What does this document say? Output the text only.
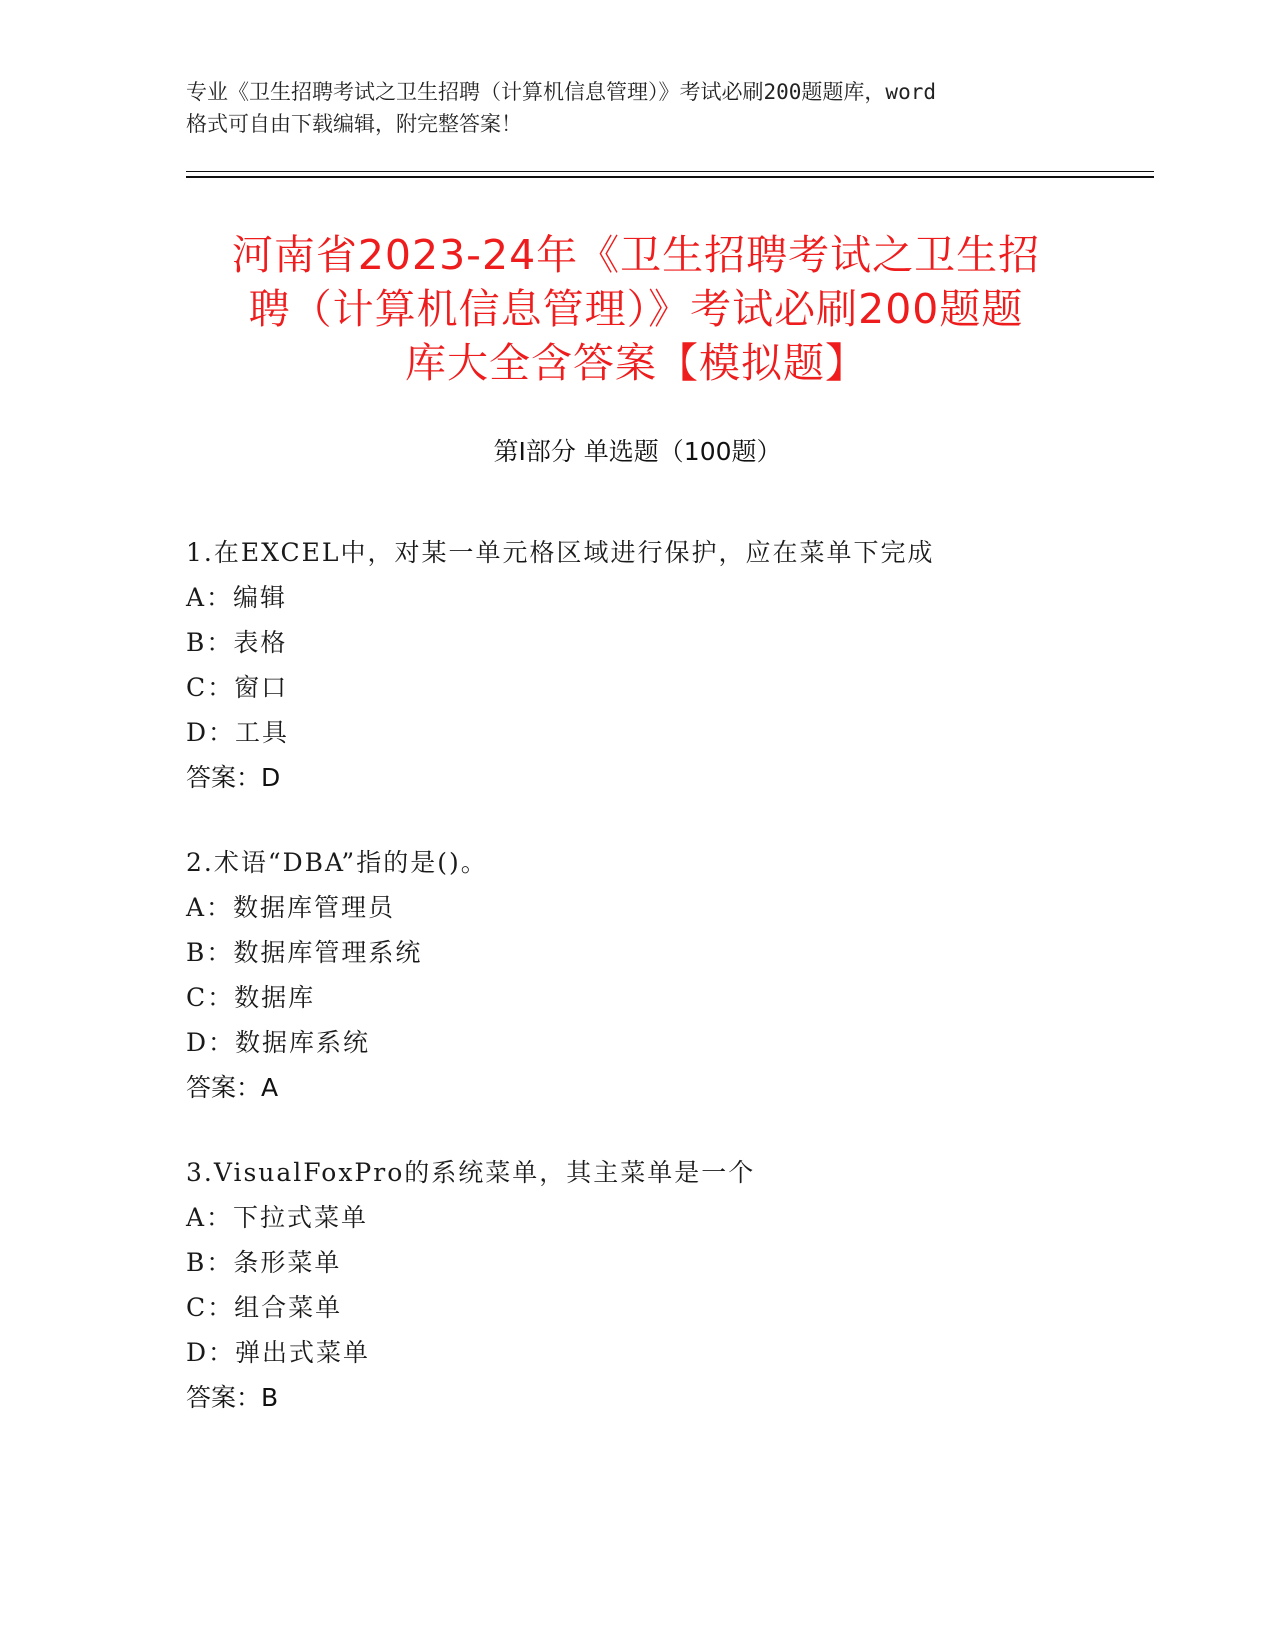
专业《卫生招聘考试之卫生招聘（计算机信息管理）》考试必刷200题题库，word
格式可自由下载编辑，附完整答案！
河南省2023-24年《卫生招聘考试之卫生招
聘（计算机信息管理）》考试必刷200题题
库大全含答案【模拟题】
第Ⅰ部分 单选题（100题）
1.在EXCEL中，对某一单元格区域进行保护，应在菜单下完成
A：编辑
B：表格
C：窗口
D：工具
答案：D
2.术语“DBA”指的是()。
A：数据库管理员
B：数据库管理系统
C：数据库
D：数据库系统
答案：A
3.VisualFoxPro的系统菜单，其主菜单是一个
A：下拉式菜单
B：条形菜单
C：组合菜单
D：弹出式菜单
答案：B
